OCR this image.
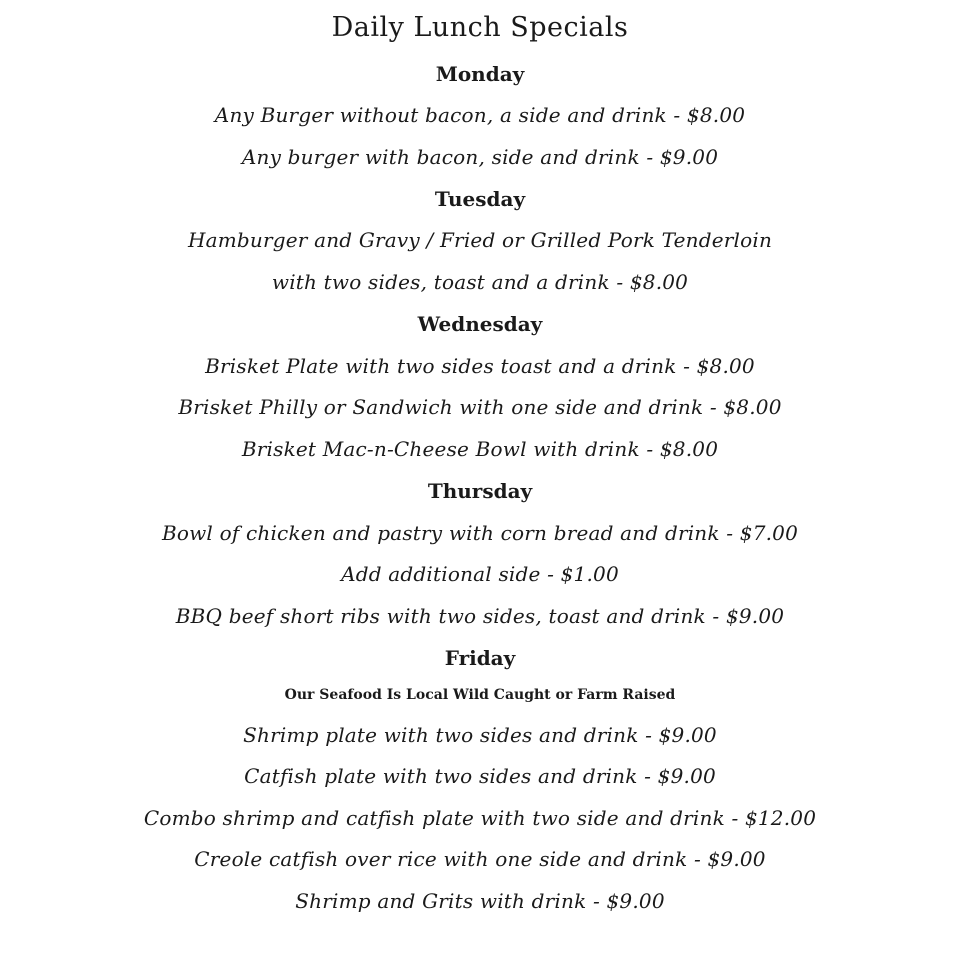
Daily Lunch Specials
Monday
Any Burger without bacon, a side and drink - $8.00
Any burger with bacon, side and drink - $9.00
Tuesday
Hamburger and Gravy / Fried or Grilled Pork Tenderloin
with two sides, toast and a drink - $8.00
Wednesday
Brisket Plate with two sides toast and a drink - $8.00
Brisket Philly or Sandwich with one side and drink - $8.00
Brisket Mac-n-Cheese Bowl with drink - $8.00
Thursday
Bowl of chicken and pastry with corn bread and drink - $7.00
Add additional side - $1.00
BBQ beef short ribs with two sides, toast and drink - $9.00
Friday
Our Seafood Is Local Wild Caught or Farm Raised
Shrimp plate with two sides and drink - $9.00
Catfish plate with two sides and drink - $9.00
Combo shrimp and catfish plate with two side and drink - $12.00
Creole catfish over rice with one side and drink - $9.00
Shrimp and Grits with drink - $9.00
